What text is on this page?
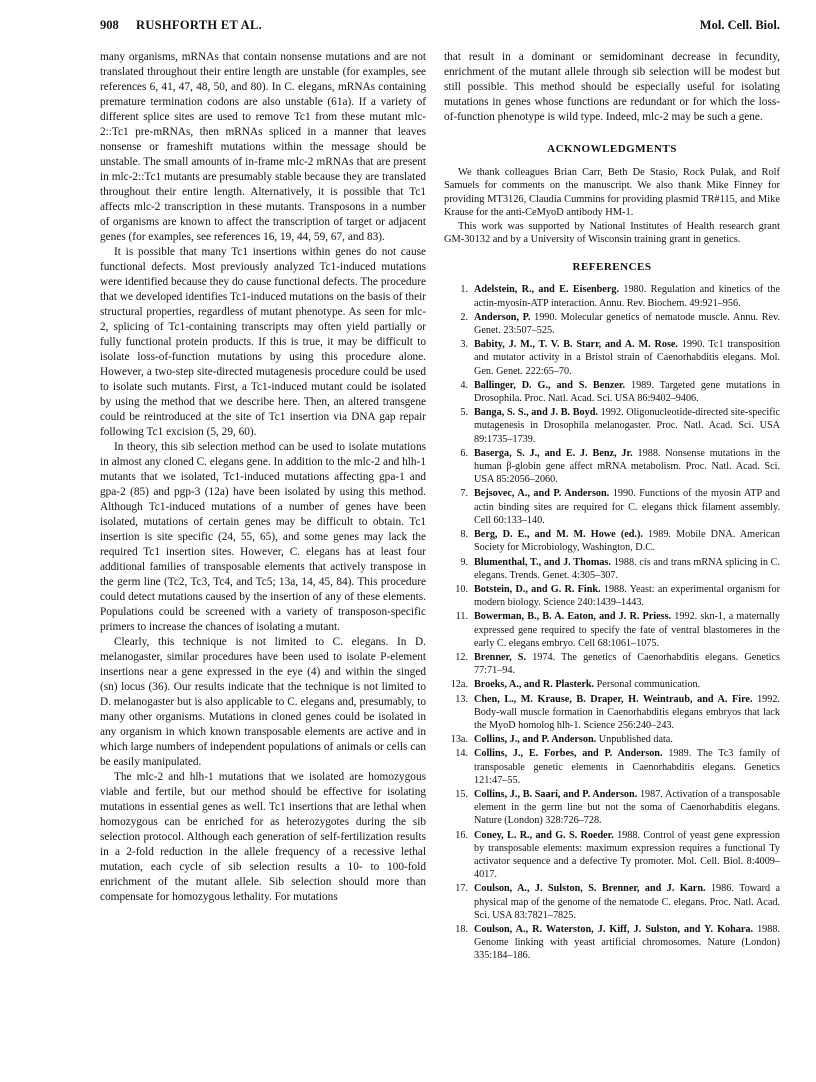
908 RUSHFORTH ET AL.	Mol. Cell. Biol.

many organisms, mRNAs that contain nonsense mutations and are not translated throughout their entire length are unstable (for examples, see references 6, 41, 47, 48, 50, and 80). In C. elegans, mRNAs containing premature termination codons are also unstable (61a). If a variety of different splice sites are used to remove Tc1 from these mutant mlc-2::Tc1 pre-mRNAs, then mRNAs spliced in a manner that leaves nonsense or frameshift mutations within the message should be unstable. The small amounts of in-frame mlc-2 mRNAs that are present in mlc-2::Tc1 mutants are presumably stable because they are translated throughout their entire length. Alternatively, it is possible that Tc1 affects mlc-2 transcription in these mutants. Transposons in a number of organisms are known to affect the transcription of target or adjacent genes (for examples, see references 16, 19, 44, 59, 67, and 83).

It is possible that many Tc1 insertions within genes do not cause functional defects. Most previously analyzed Tc1-induced mutations were identified because they do cause functional defects. The procedure that we developed identifies Tc1-induced mutations on the basis of their structural properties, regardless of mutant phenotype. As seen for mlc-2, splicing of Tc1-containing transcripts may often yield partially or fully functional protein products. If this is true, it may be difficult to isolate loss-of-function mutations by using this procedure alone. However, a two-step site-directed mutagenesis procedure could be used to isolate such mutants. First, a Tc1-induced mutant could be isolated by using the method that we describe here. Then, an altered transgene could be reintroduced at the site of Tc1 insertion via DNA gap repair following Tc1 excision (5, 29, 60).

In theory, this sib selection method can be used to isolate mutations in almost any cloned C. elegans gene. In addition to the mlc-2 and hlh-1 mutants that we isolated, Tc1-induced mutations affecting gpa-1 and gpa-2 (85) and pgp-3 (12a) have been isolated by using this method. Although Tc1-induced mutations of a number of genes have been isolated, mutations of certain genes may be difficult to obtain. Tc1 insertion is site specific (24, 55, 65), and some genes may lack the required Tc1 insertion sites. However, C. elegans has at least four additional families of transposable elements that actively transpose in the germ line (Tc2, Tc3, Tc4, and Tc5; 13a, 14, 45, 84). This procedure could detect mutations caused by the insertion of any of these elements. Populations could be screened with a variety of transposon-specific primers to increase the chances of isolating a mutant.

Clearly, this technique is not limited to C. elegans. In D. melanogaster, similar procedures have been used to isolate P-element insertions near a gene expressed in the eye (4) and within the singed (sn) locus (36). Our results indicate that the technique is not limited to D. melanogaster but is also applicable to C. elegans and, presumably, to many other organisms. Mutations in cloned genes could be isolated in any organism in which known transposable elements are active and in which large numbers of independent populations of animals or cells can be easily manipulated.

The mlc-2 and hlh-1 mutations that we isolated are homozygous viable and fertile, but our method should be effective for isolating mutations in essential genes as well. Tc1 insertions that are lethal when homozygous can be enriched for as heterozygotes during the sib selection protocol. Although each generation of self-fertilization results in a 2-fold reduction in the allele frequency of a recessive lethal mutation, each cycle of sib selection results a 10- to 100-fold enrichment of the mutant allele. Sib selection should more than compensate for homozygous lethality. For mutations

that result in a dominant or semidominant decrease in fecundity, enrichment of the mutant allele through sib selection will be modest but still possible. This method should be especially useful for isolating mutations in genes whose functions are redundant or for which the loss-of-function phenotype is wild type. Indeed, mlc-2 may be such a gene.

ACKNOWLEDGMENTS

We thank colleagues Brian Carr, Beth De Stasio, Rock Pulak, and Rolf Samuels for comments on the manuscript. We also thank Mike Finney for providing MT3126, Claudia Cummins for providing plasmid TR#115, and Mike Krause for the anti-CeMyoD antibody HM-1.

This work was supported by National Institutes of Health research grant GM-30132 and by a University of Wisconsin training grant in genetics.

REFERENCES
1. Adelstein, R., and E. Eisenberg. 1980. Regulation and kinetics of the actin-myosin-ATP interaction. Annu. Rev. Biochem. 49:921–956.
2. Anderson, P. 1990. Molecular genetics of nematode muscle. Annu. Rev. Genet. 23:507–525.
3. Babity, J. M., T. V. B. Starr, and A. M. Rose. 1990. Tc1 transposition and mutator activity in a Bristol strain of Caenorhabditis elegans. Mol. Gen. Genet. 222:65–70.
4. Ballinger, D. G., and S. Benzer. 1989. Targeted gene mutations in Drosophila. Proc. Natl. Acad. Sci. USA 86:9402–9406.
5. Banga, S. S., and J. B. Boyd. 1992. Oligonucleotide-directed site-specific mutagenesis in Drosophila melanogaster. Proc. Natl. Acad. Sci. USA 89:1735–1739.
6. Baserga, S. J., and E. J. Benz, Jr. 1988. Nonsense mutations in the human β-globin gene affect mRNA metabolism. Proc. Natl. Acad. Sci. USA 85:2056–2060.
7. Bejsovec, A., and P. Anderson. 1990. Functions of the myosin ATP and actin binding sites are required for C. elegans thick filament assembly. Cell 60:133–140.
8. Berg, D. E., and M. M. Howe (ed.). 1989. Mobile DNA. American Society for Microbiology, Washington, D.C.
9. Blumenthal, T., and J. Thomas. 1988. cis and trans mRNA splicing in C. elegans. Trends. Genet. 4:305–307.
10. Botstein, D., and G. R. Fink. 1988. Yeast: an experimental organism for modern biology. Science 240:1439–1443.
11. Bowerman, B., B. A. Eaton, and J. R. Priess. 1992. skn-1, a maternally expressed gene required to specify the fate of ventral blastomeres in the early C. elegans embryo. Cell 68:1061–1075.
12. Brenner, S. 1974. The genetics of Caenorhabditis elegans. Genetics 77:71–94.
12a. Broeks, A., and R. Plasterk. Personal communication.
13. Chen, L., M. Krause, B. Draper, H. Weintraub, and A. Fire. 1992. Body-wall muscle formation in Caenorhabditis elegans embryos that lack the MyoD homolog hlh-1. Science 256:240–243.
13a. Collins, J., and P. Anderson. Unpublished data.
14. Collins, J., E. Forbes, and P. Anderson. 1989. The Tc3 family of transposable genetic elements in Caenorhabditis elegans. Genetics 121:47–55.
15. Collins, J., B. Saari, and P. Anderson. 1987. Activation of a transposable element in the germ line but not the soma of Caenorhabditis elegans. Nature (London) 328:726–728.
16. Coney, L. R., and G. S. Roeder. 1988. Control of yeast gene expression by transposable elements: maximum expression requires a functional Ty activator sequence and a defective Ty promoter. Mol. Cell. Biol. 8:4009–4017.
17. Coulson, A., J. Sulston, S. Brenner, and J. Karn. 1986. Toward a physical map of the genome of the nematode C. elegans. Proc. Natl. Acad. Sci. USA 83:7821–7825.
18. Coulson, A., R. Waterston, J. Kiff, J. Sulston, and Y. Kohara. 1988. Genome linking with yeast artificial chromosomes. Nature (London) 335:184–186.
